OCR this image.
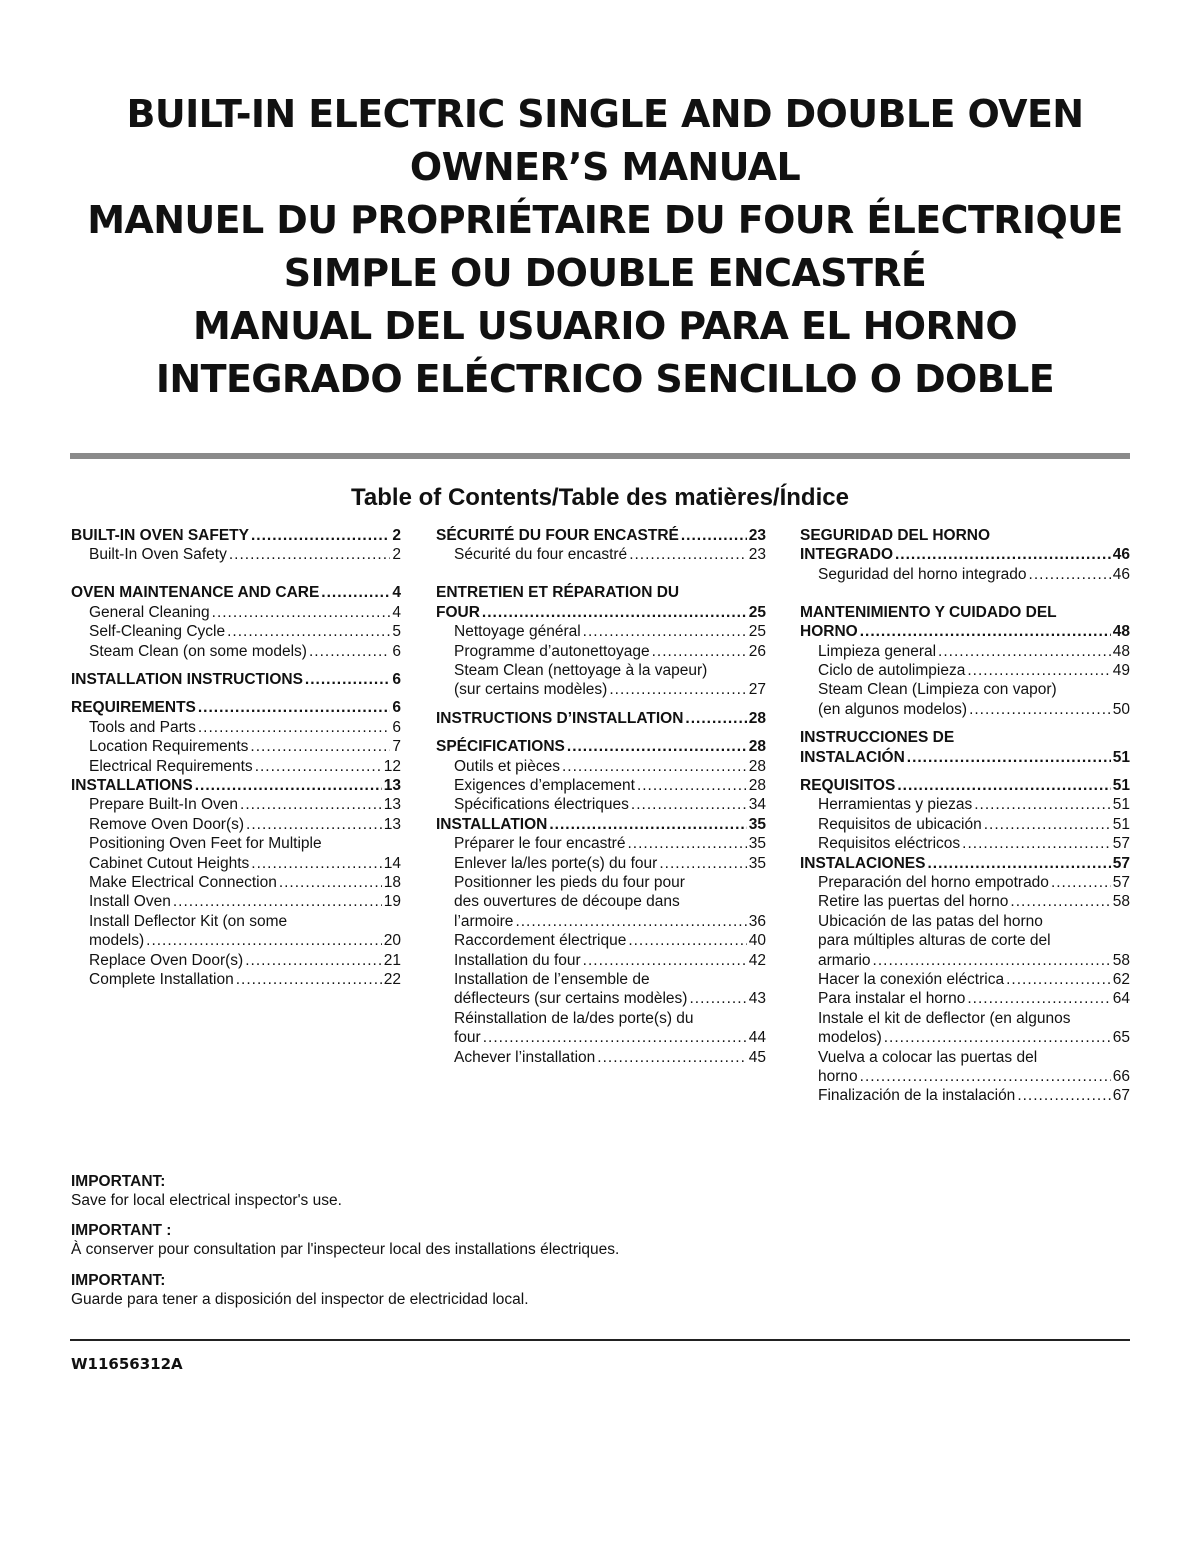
BUILT-IN ELECTRIC SINGLE AND DOUBLE OVEN
OWNER’S MANUAL
MANUEL DU PROPRIÉTAIRE DU FOUR ÉLECTRIQUE
SIMPLE OU DOUBLE ENCASTRÉ
MANUAL DEL USUARIO PARA EL HORNO
INTEGRADO ELÉCTRICO SENCILLO O DOBLE
Table of Contents/Table des matières/Índice
BUILT-IN OVEN SAFETY .....	2
Built-In Oven Safety .....	2
OVEN MAINTENANCE AND CARE .....	4
General Cleaning .....	4
Self-Cleaning Cycle .....	5
Steam Clean (on some models) .....	6
INSTALLATION INSTRUCTIONS .....	6
REQUIREMENTS .....	6
Tools and Parts .....	6
Location Requirements .....	7
Electrical Requirements .....	12
INSTALLATIONS .....	13
Prepare Built-In Oven .....	13
Remove Oven Door(s) .....	13
Positioning Oven Feet for Multiple
Cabinet Cutout Heights .....	14
Make Electrical Connection .....	18
Install Oven .....	19
Install Deflector Kit (on some
models) .....	20
Replace Oven Door(s) .....	21
Complete Installation .....	22
SÉCURITÉ DU FOUR ENCASTRÉ .....	23
Sécurité du four encastré .....	23
ENTRETIEN ET RÉPARATION DU
FOUR .....	25
Nettoyage général .....	25
Programme d’autonettoyage .....	26
Steam Clean (nettoyage à la vapeur)
(sur certains modèles) .....	27
INSTRUCTIONS D’INSTALLATION .....	28
SPÉCIFICATIONS .....	28
Outils et pièces .....	28
Exigences d’emplacement .....	28
Spécifications électriques .....	34
INSTALLATION .....	35
Préparer le four encastré .....	35
Enlever la/les porte(s) du four .....	35
Positionner les pieds du four pour
des ouvertures de découpe dans
l’armoire .....	36
Raccordement électrique .....	40
Installation du four .....	42
Installation de l’ensemble de
déflecteurs (sur certains modèles) .....	43
Réinstallation de la/des porte(s) du
four .....	44
Achever l’installation .....	45
SEGURIDAD DEL HORNO
INTEGRADO .....	46
Seguridad del horno integrado .....	46
MANTENIMIENTO Y CUIDADO DEL
HORNO .....	48
Limpieza general .....	48
Ciclo de autolimpieza .....	49
Steam Clean (Limpieza con vapor)
(en algunos modelos) .....	50
INSTRUCCIONES DE
INSTALACIÓN .....	51
REQUISITOS .....	51
Herramientas y piezas .....	51
Requisitos de ubicación .....	51
Requisitos eléctricos .....	57
INSTALACIONES .....	57
Preparación del horno empotrado .....	57
Retire las puertas del horno .....	58
Ubicación de las patas del horno
para múltiples alturas de corte del
armario .....	58
Hacer la conexión eléctrica .....	62
Para instalar el horno .....	64
Instale el kit de deflector (en algunos
modelos) .....	65
Vuelva a colocar las puertas del
horno .....	66
Finalización de la instalación .....	67
IMPORTANT:
Save for local electrical inspector's use.
IMPORTANT :
À conserver pour consultation par l'inspecteur local des installations électriques.
IMPORTANT:
Guarde para tener a disposición del inspector de electricidad local.
W11656312A
